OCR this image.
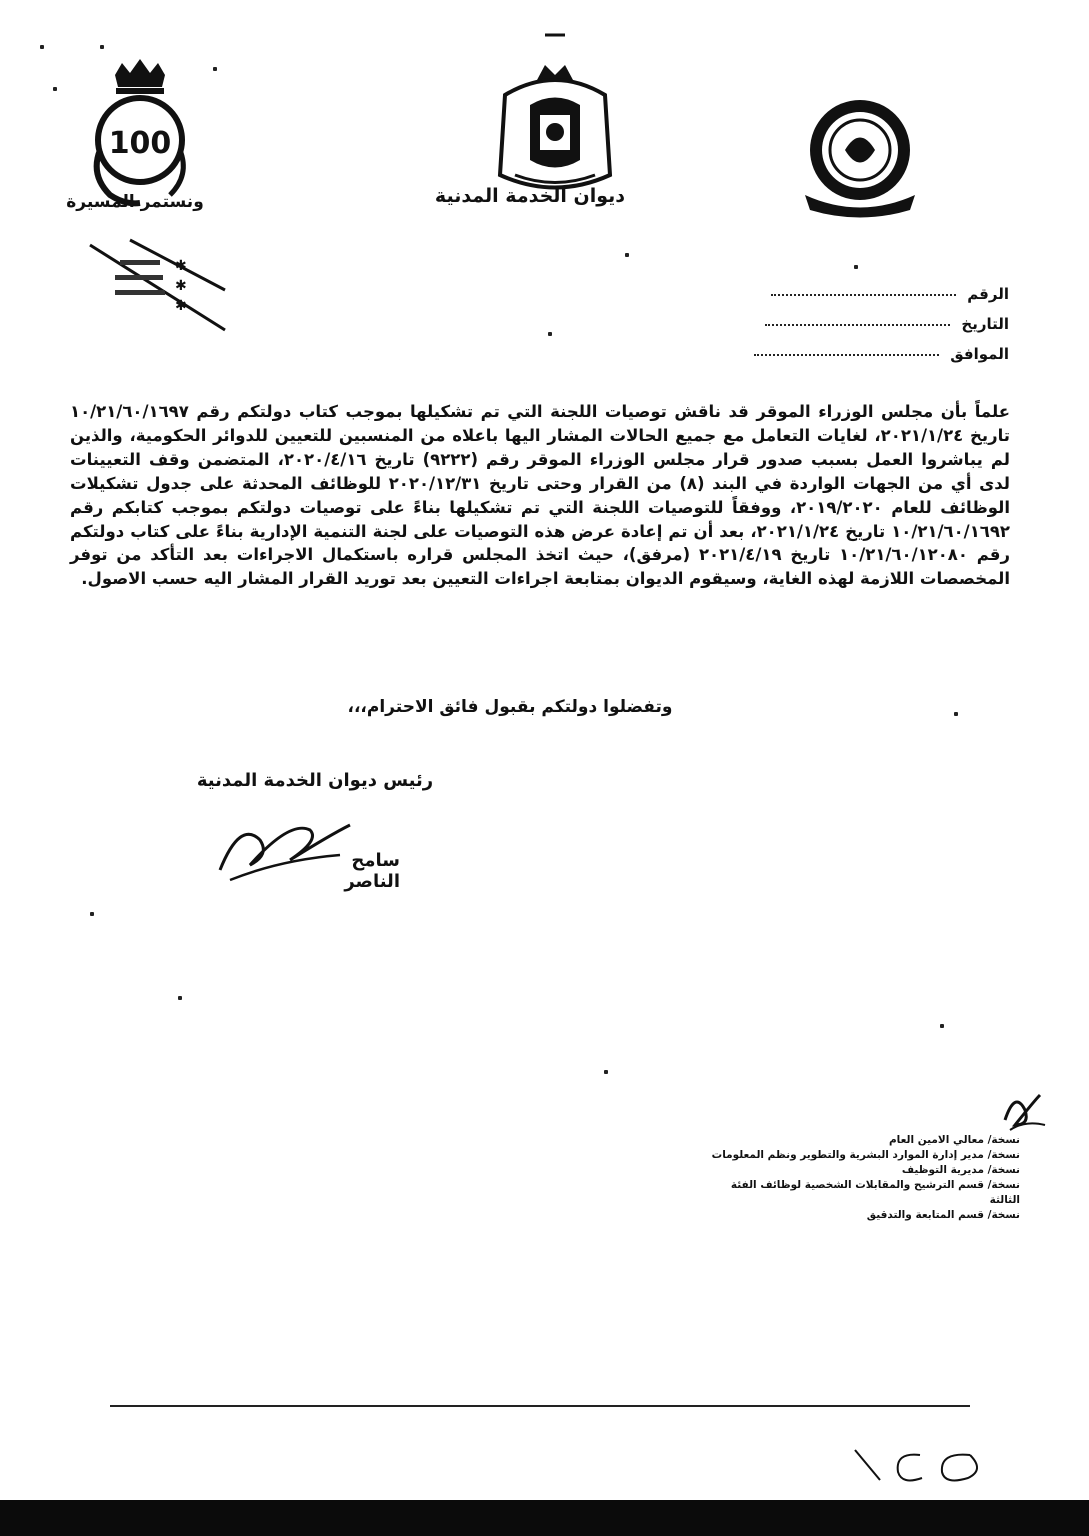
100
ونستمر المسيرة	ديوان الخدمة المدنية
✱
✱
✱
الرقم
التاريخ
الموافق
علماً بأن مجلس الوزراء الموقر قد ناقش توصيات اللجنة التي تم تشكيلها بموجب كتاب دولتكم رقم ١٠/٢١/٦٠/١٦٩٧ تاريخ ٢٠٢١/١/٢٤، لغايات التعامل مع جميع الحالات المشار اليها باعلاه من المنسبين للتعيين للدوائر الحكومية، والذين لم يباشروا العمل بسبب صدور قرار مجلس الوزراء الموقر رقم (٩٢٢٢) تاريخ ٢٠٢٠/٤/١٦، المتضمن وقف التعيينات لدى أي من الجهات الواردة في البند (٨) من القرار وحتى تاريخ ٢٠٢٠/١٢/٣١ للوظائف المحدثة على جدول تشكيلات الوظائف للعام ٢٠١٩/٢٠٢٠، ووفقاً للتوصيات اللجنة التي تم تشكيلها بناءً على توصيات دولتكم بموجب كتابكم رقم ١٠/٢١/٦٠/١٦٩٢ تاريخ ٢٠٢١/١/٢٤، بعد أن تم إعادة عرض هذه التوصيات على لجنة التنمية الإدارية بناءً على كتاب دولتكم رقم ١٠/٢١/٦٠/١٢٠٨٠ تاريخ ٢٠٢١/٤/١٩ (مرفق)، حيث اتخذ المجلس قراره باستكمال الاجراءات بعد التأكد من توفر المخصصات اللازمة لهذه الغاية، وسيقوم الديوان بمتابعة اجراءات التعيين بعد توريد القرار المشار اليه حسب الاصول.
وتفضلوا دولتكم بقبول فائق الاحترام،،،
رئيس ديوان الخدمة المدنية
سامح الناصر
نسخة/ معالي الامين العام
نسخة/ مدير إدارة الموارد البشرية والتطوير ونظم المعلومات
نسخة/ مديرية التوظيف
نسخة/ قسم الترشيح والمقابلات الشخصية لوظائف الفئة الثالثة
نسخة/ قسم المتابعة والتدقيق
